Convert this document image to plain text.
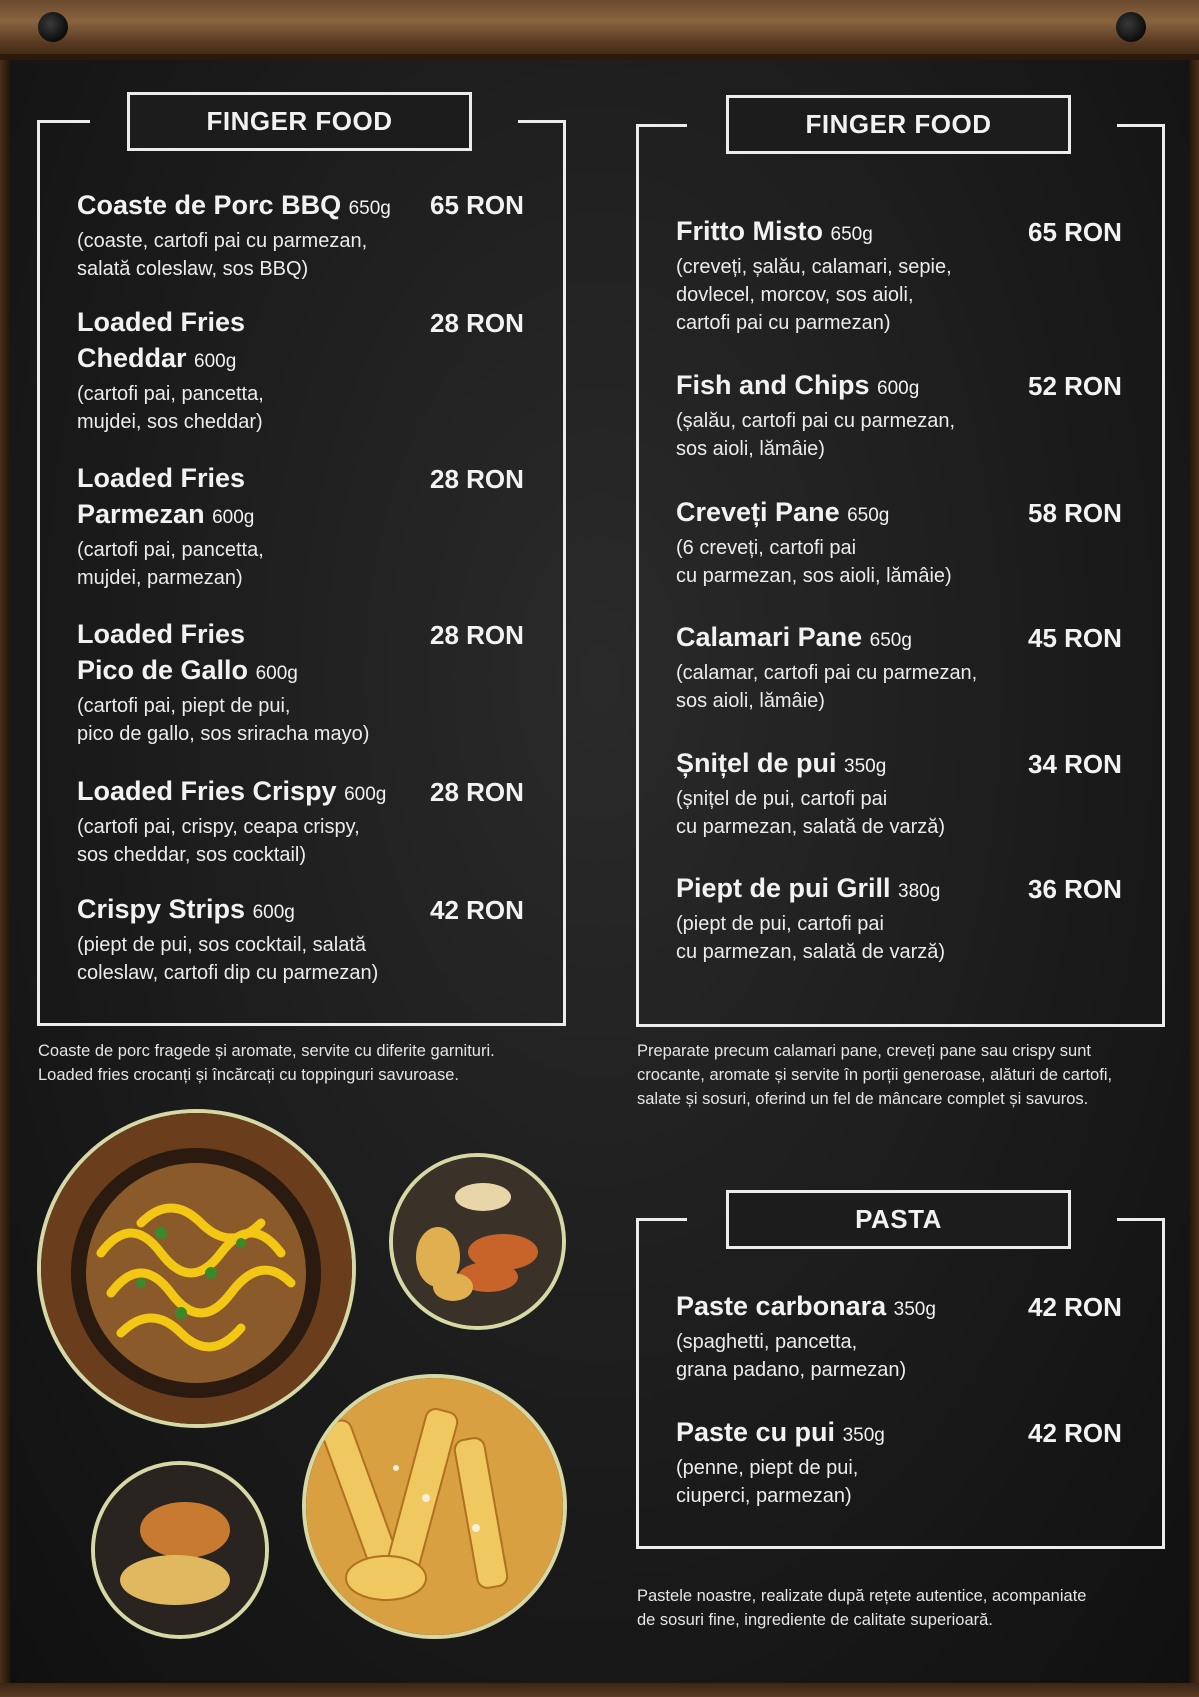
FINGER FOOD
Coaste de Porc BBQ 650g
(coaste, cartofi pai cu parmezan,
salată coleslaw, sos BBQ)
65 RON
Loaded Fries
Cheddar 600g
(cartofi pai, pancetta,
mujdei, sos cheddar)
28 RON
Loaded Fries
Parmezan 600g
(cartofi pai, pancetta,
mujdei, parmezan)
28 RON
Loaded Fries
Pico de Gallo 600g
(cartofi pai, piept de pui,
pico de gallo, sos sriracha mayo)
28 RON
Loaded Fries Crispy 600g
(cartofi pai, crispy, ceapa crispy,
sos cheddar, sos cocktail)
28 RON
Crispy Strips 600g
(piept de pui, sos cocktail, salată
coleslaw, cartofi dip cu parmezan)
42 RON
Coaste de porc fragede și aromate, servite cu diferite garnituri.
Loaded fries crocanți și încărcați cu toppinguri savuroase.
FINGER FOOD
Fritto Misto 650g
(creveți, șalău, calamari, sepie,
dovlecel, morcov, sos aioli,
cartofi pai cu parmezan)
65 RON
Fish and Chips 600g
(șalău, cartofi pai cu parmezan,
sos aioli, lămâie)
52 RON
Creveți Pane 650g
(6 creveți, cartofi pai
cu parmezan, sos aioli, lămâie)
58 RON
Calamari Pane 650g
(calamar, cartofi pai cu parmezan,
sos aioli, lămâie)
45 RON
Șnițel de pui 350g
(șnițel de pui, cartofi pai
cu parmezan, salată de varză)
34 RON
Piept de pui Grill 380g
(piept de pui, cartofi pai
cu parmezan, salată de varză)
36 RON
Preparate precum calamari pane, creveți pane sau crispy sunt
crocante, aromate și servite în porții generoase, alături de cartofi,
salate și sosuri, oferind un fel de mâncare complet și savuros.
PASTA
Paste carbonara 350g
(spaghetti, pancetta,
grana padano, parmezan)
42 RON
Paste cu pui 350g
(penne, piept de pui,
ciuperci, parmezan)
42 RON
Pastele noastre, realizate după rețete autentice, acompaniate
de sosuri fine, ingrediente de calitate superioară.
